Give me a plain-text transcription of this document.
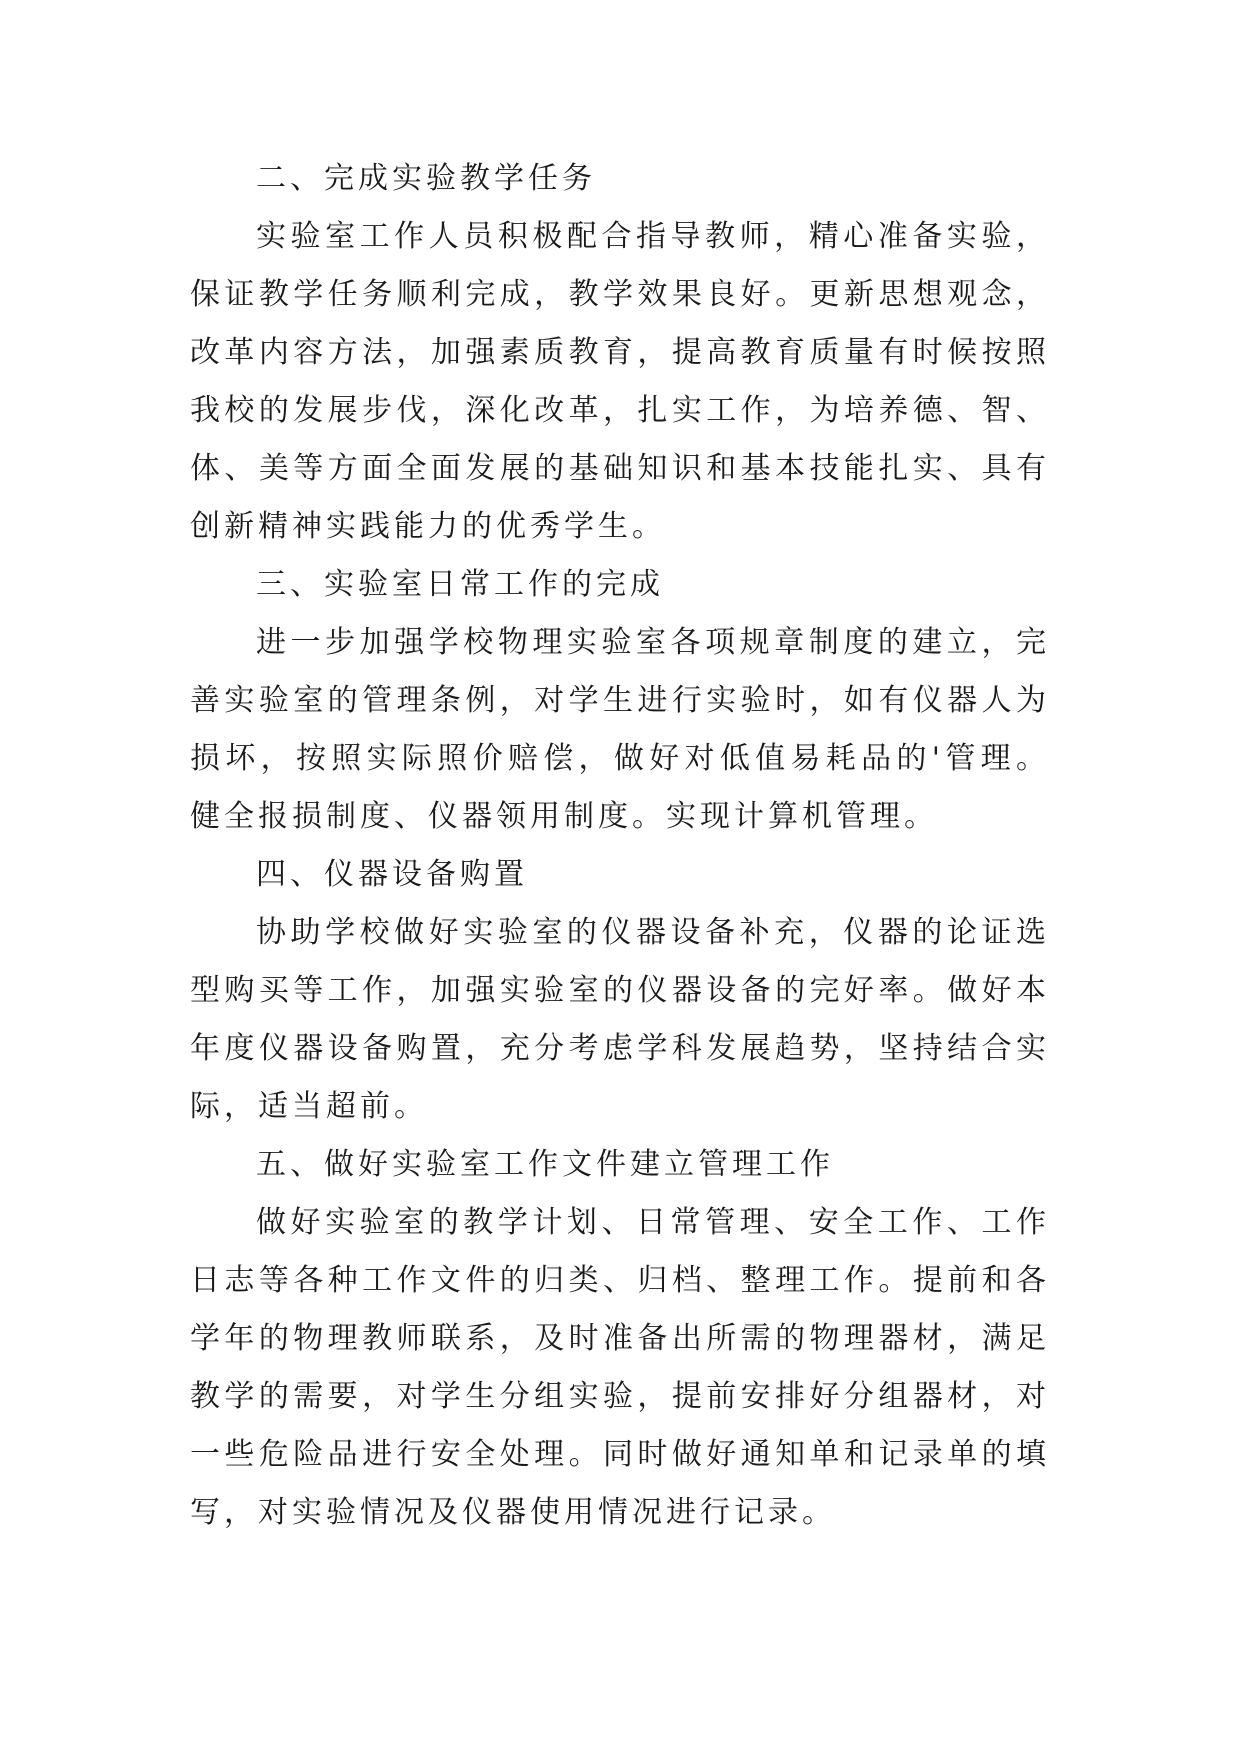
二、完成实验教学任务

实验室工作人员积极配合指导教师，精心准备实验，保证教学任务顺利完成，教学效果良好。更新思想观念，改革内容方法，加强素质教育，提高教育质量有时候按照我校的发展步伐，深化改革，扎实工作，为培养德、智、体、美等方面全面发展的基础知识和基本技能扎实、具有创新精神实践能力的优秀学生。

三、实验室日常工作的完成

进一步加强学校物理实验室各项规章制度的建立，完善实验室的管理条例，对学生进行实验时，如有仪器人为损坏，按照实际照价赔偿，做好对低值易耗品的'管理。健全报损制度、仪器领用制度。实现计算机管理。

四、仪器设备购置

协助学校做好实验室的仪器设备补充，仪器的论证选型购买等工作，加强实验室的仪器设备的完好率。做好本年度仪器设备购置，充分考虑学科发展趋势，坚持结合实际，适当超前。

五、做好实验室工作文件建立管理工作

做好实验室的教学计划、日常管理、安全工作、工作日志等各种工作文件的归类、归档、整理工作。提前和各学年的物理教师联系，及时准备出所需的物理器材，满足教学的需要，对学生分组实验，提前安排好分组器材，对一些危险品进行安全处理。同时做好通知单和记录单的填写，对实验情况及仪器使用情况进行记录。
